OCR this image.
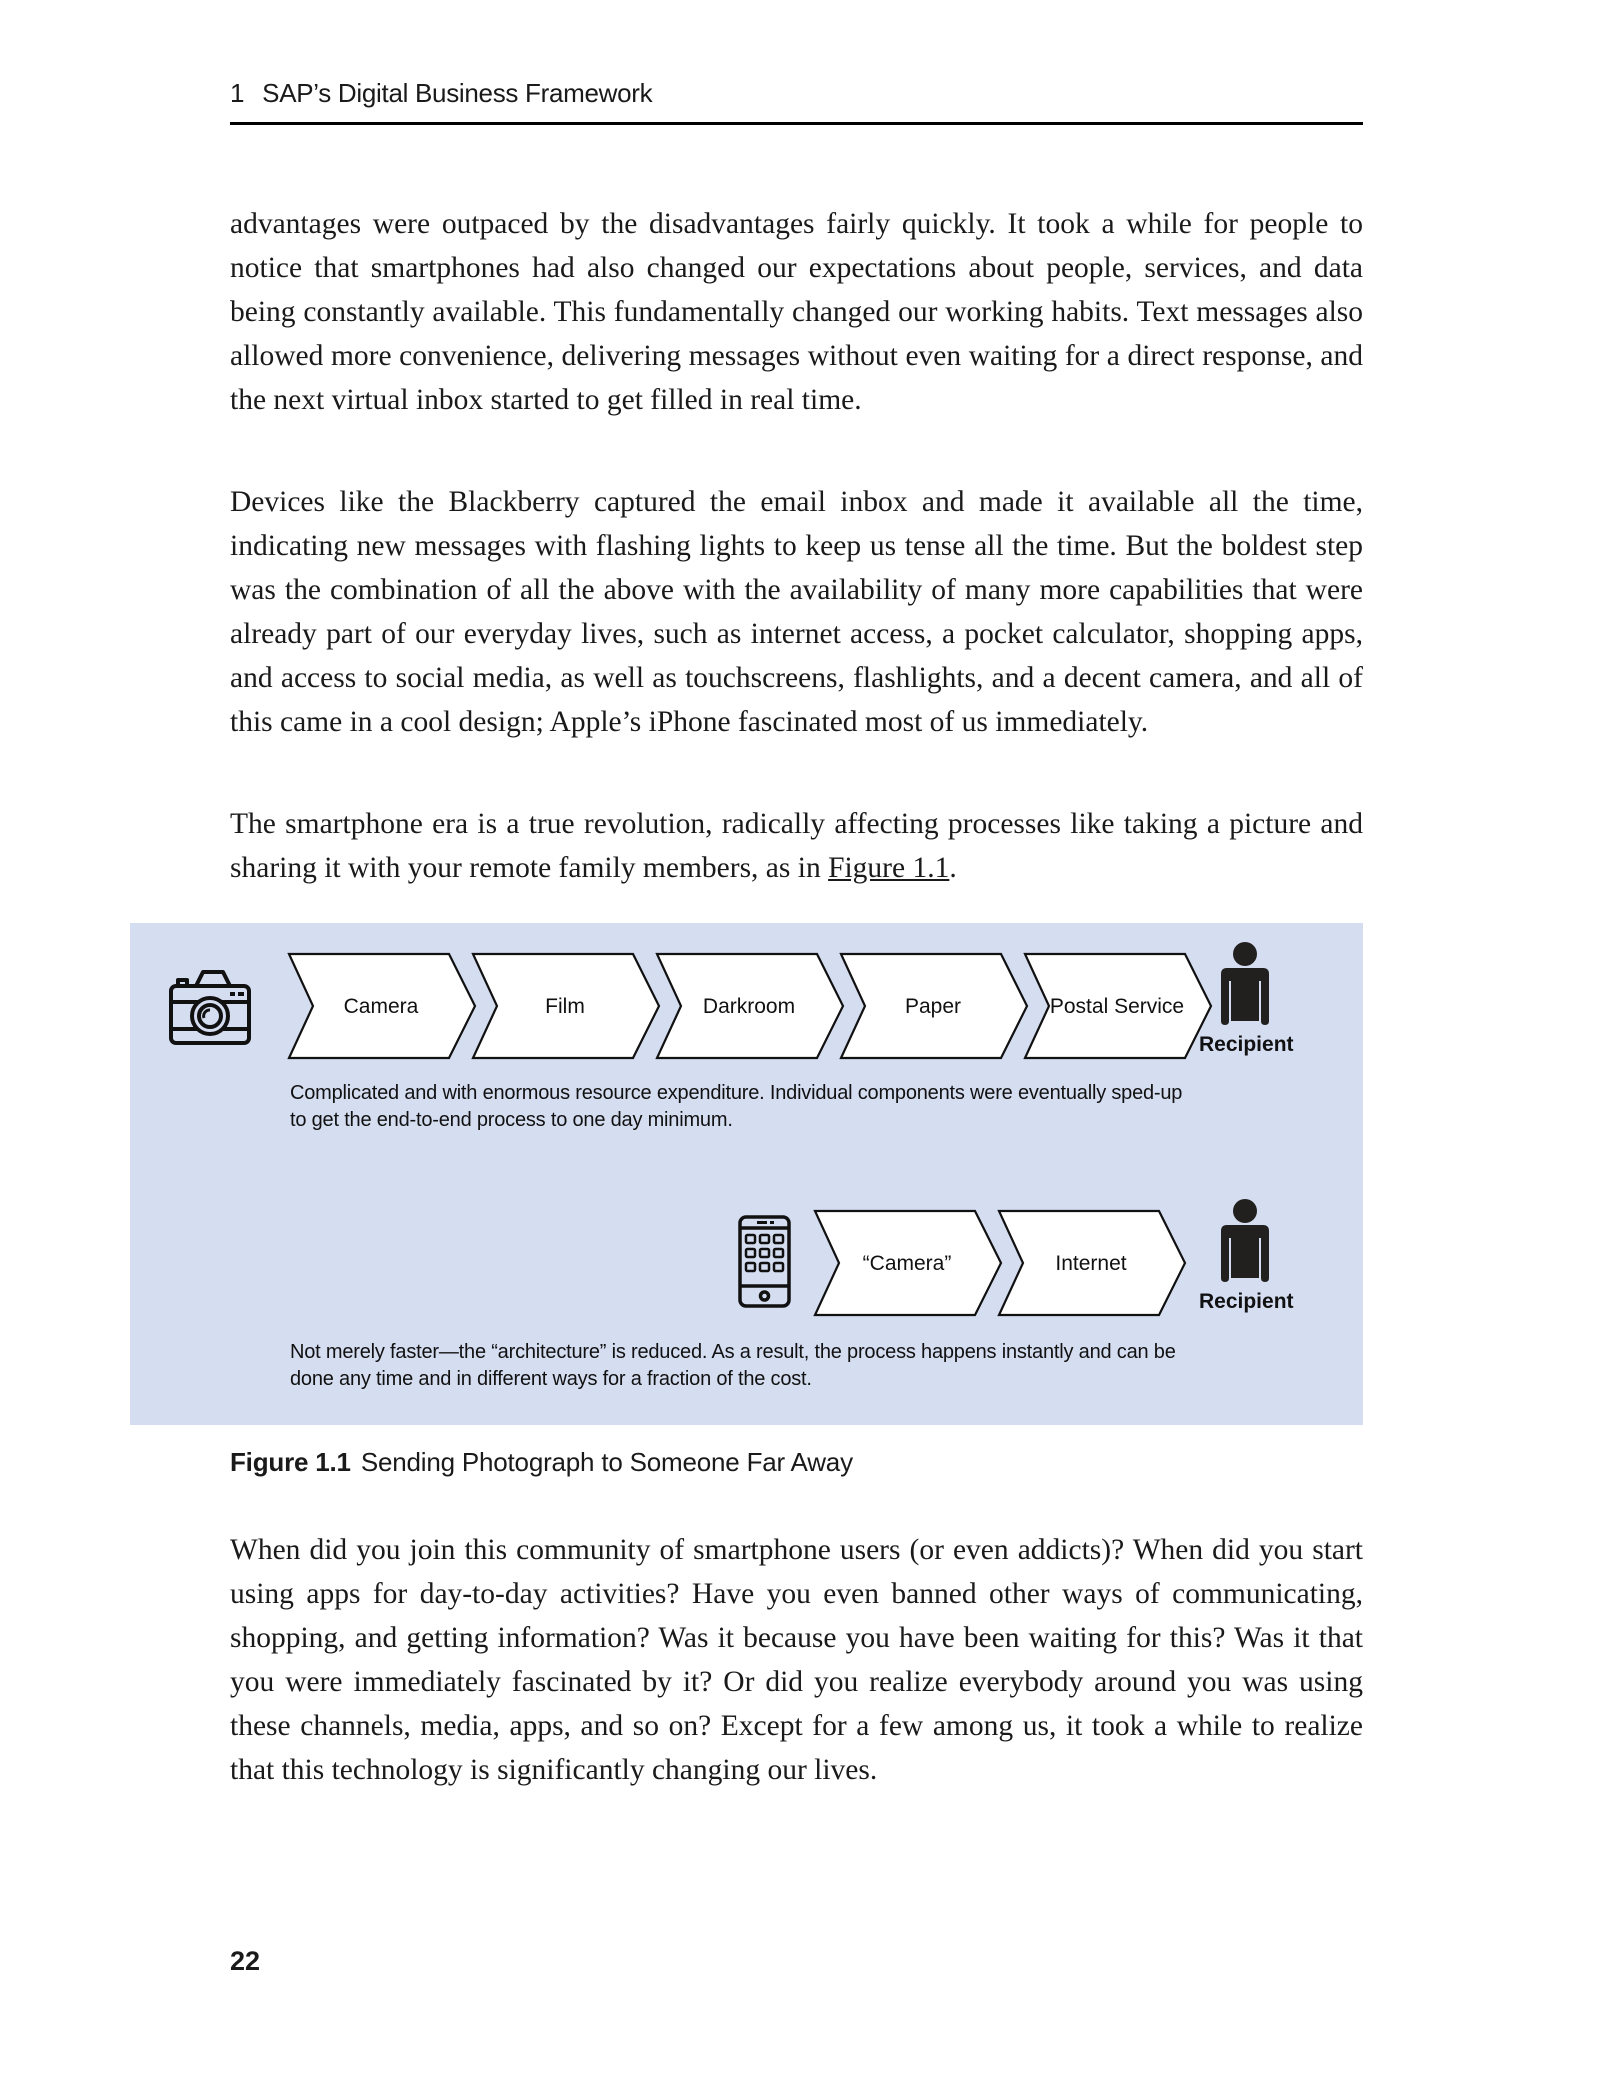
1 SAP’s Digital Business Framework

advantages were outpaced by the disadvantages fairly quickly. It took a while for people to notice that smartphones had also changed our expectations about people, services, and data being constantly available. This fundamentally changed our working habits. Text messages also allowed more convenience, delivering messages without even waiting for a direct response, and the next virtual inbox started to get filled in real time.

Devices like the Blackberry captured the email inbox and made it available all the time, indicating new messages with flashing lights to keep us tense all the time. But the boldest step was the combination of all the above with the availability of many more capabilities that were already part of our everyday lives, such as internet access, a pocket calculator, shopping apps, and access to social media, as well as touchscreens, flashlights, and a decent camera, and all of this came in a cool design; Apple’s iPhone fascinated most of us immediately.

The smartphone era is a true revolution, radically affecting processes like taking a picture and sharing it with your remote family members, as in Figure 1.1.

Recipient
Complicated and with enormous resource expenditure. Individual components were eventually sped-up
to get the end-to-end process to one day minimum.
Recipient
Not merely faster—the “architecture” is reduced. As a result, the process happens instantly and can be
done any time and in different ways for a fraction of the cost.
Camera	Film	Darkroom	Paper	Postal Service
“Camera”	Internet
Figure 1.1 Sending Photograph to Someone Far Away

When did you join this community of smartphone users (or even addicts)? When did you start using apps for day-to-day activities? Have you even banned other ways of communicating, shopping, and getting information? Was it because you have been waiting for this? Was it that you were immediately fascinated by it? Or did you realize everybody around you was using these channels, media, apps, and so on? Except for a few among us, it took a while to realize that this technology is significantly changing our lives.

22
